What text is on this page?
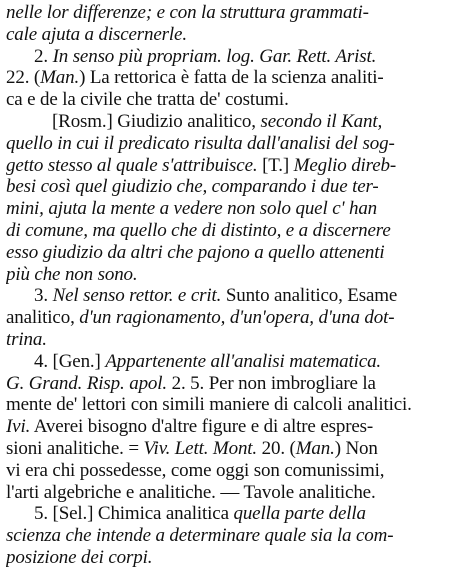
nelle lor differenze; e con la struttura grammati-
cale ajuta a discernerle.
2. In senso più propriam. log. Gar. Rett. Arist.
22. (Man.) La rettorica è fatta de la scienza analiti-
ca e de la civile che tratta de' costumi.
[Rosm.] Giudizio analitico, secondo il Kant,
quello in cui il predicato risulta dall'analisi del sog-
getto stesso al quale s'attribuisce. [T.] Meglio direb-
besi così quel giudizio che, comparando i due ter-
mini, ajuta la mente a vedere non solo quel c' han
di comune, ma quello che di distinto, e a discernere
esso giudizio da altri che pajono a quello attenenti
più che non sono.
3. Nel senso rettor. e crit. Sunto analitico, Esame
analitico, d'un ragionamento, d'un'opera, d'una dot-
trina.
4. [Gen.] Appartenente all'analisi matematica.
G. Grand. Risp. apol. 2. 5. Per non imbrogliare la
mente de' lettori con simili maniere di calcoli analitici.
Ivi. Averei bisogno d'altre figure e di altre espres-
sioni analitiche. = Viv. Lett. Mont. 20. (Man.) Non
vi era chi possedesse, come oggi son comunissimi,
l'arti algebriche e analitiche. — Tavole analitiche.
5. [Sel.] Chimica analitica quella parte della
scienza che intende a determinare quale sia la com-
posizione dei corpi.
